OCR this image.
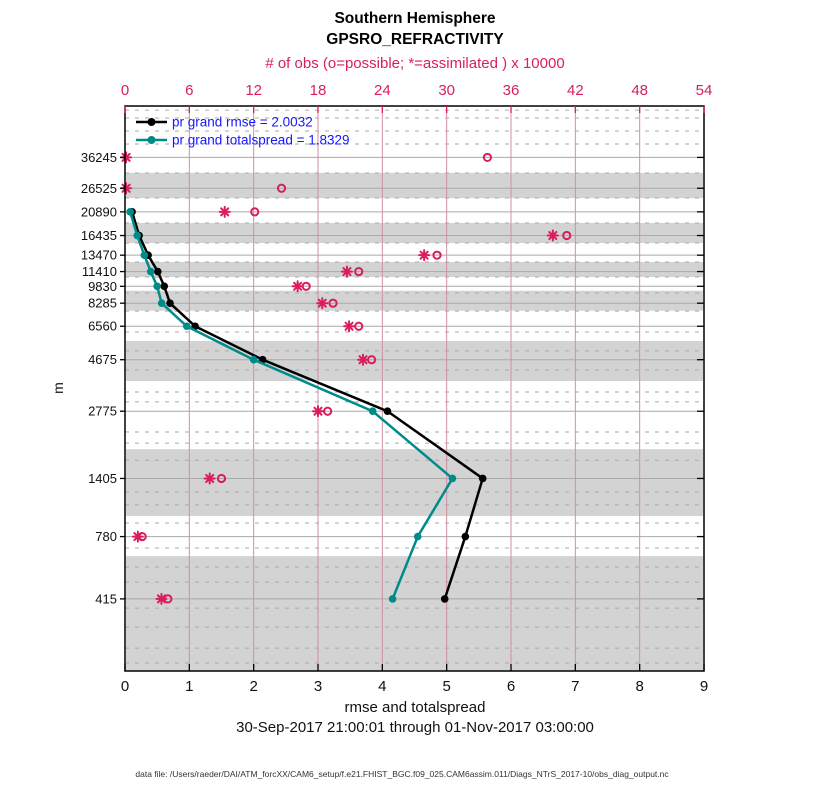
0	1	2	3	4	5	6	7	8	9
0	6	12	18	24	30	36	42	48	54
415
780
1405
2775
4675
6560
8285
9830
11410
13470
16435
20890
26525
36245
pr grand rmse = 2.0032
pr grand totalspread = 1.8329
Southern Hemisphere
GPSRO_REFRACTIVITY
# of obs (o=possible; *=assimilated ) x 10000
m
rmse and totalspread
30-Sep-2017 21:00:01 through 01-Nov-2017 03:00:00
data file: /Users/raeder/DAI/ATM_forcXX/CAM6_setup/f.e21.FHIST_BGC.f09_025.CAM6assim.011/Diags_NTrS_2017-10/obs_diag_output.nc
